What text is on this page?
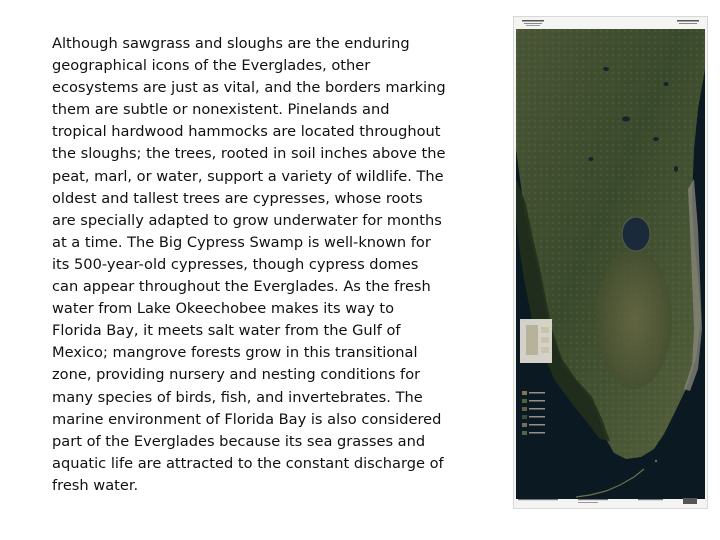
Although sawgrass and sloughs are the enduring geographical icons of the Everglades, other ecosystems are just as vital, and the borders marking them are subtle or nonexistent. Pinelands and tropical hardwood hammocks are located throughout the sloughs; the trees, rooted in soil inches above the peat, marl, or water, support a variety of wildlife. The oldest and tallest trees are cypresses, whose roots are specially adapted to grow underwater for months at a time. The Big Cypress Swamp is well-known for its 500-year-old cypresses, though cypress domes can appear throughout the Everglades. As the fresh water from Lake Okeechobee makes its way to Florida Bay, it meets salt water from the Gulf of Mexico; mangrove forests grow in this transitional zone, providing nursery and nesting conditions for many species of birds, fish, and invertebrates. The marine environment of Florida Bay is also considered part of the Everglades because its sea grasses and aquatic life are attracted to the constant discharge of fresh water.
